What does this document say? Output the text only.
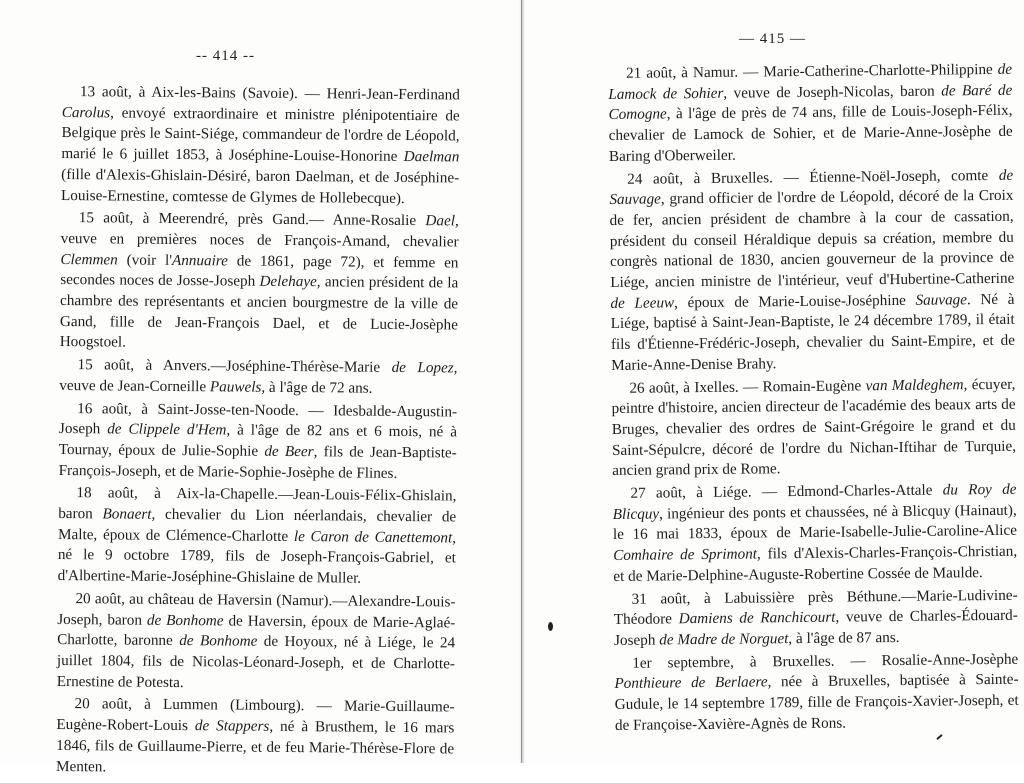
-- 414 --

13 août, à Aix-les-Bains (Savoie). — Henri-Jean-Ferdinand Carolus, envoyé extraordinaire et ministre plénipotentiaire de Belgique près le Saint-Siége, commandeur de l'ordre de Léopold, marié le 6 juillet 1853, à Joséphine-Louise-Honorine Daelman (fille d'Alexis-Ghislain-Désiré, baron Daelman, et de Joséphine-Louise-Ernestine, comtesse de Glymes de Hollebecque).

15 août, à Meerendré, près Gand.— Anne-Rosalie Dael, veuve en premières noces de François-Amand, chevalier Clemmen (voir l'Annuaire de 1861, page 72), et femme en secondes noces de Josse-Joseph Delehaye, ancien président de la chambre des représentants et ancien bourgmestre de la ville de Gand, fille de Jean-François Dael, et de Lucie-Josèphe Hoogstoel.

15 août, à Anvers.—Joséphine-Thérèse-Marie de Lopez, veuve de Jean-Corneille Pauwels, à l'âge de 72 ans.

16 août, à Saint-Josse-ten-Noode. — Idesbalde-Augustin-Joseph de Clippele d'Hem, à l'âge de 82 ans et 6 mois, né à Tournay, époux de Julie-Sophie de Beer, fils de Jean-Baptiste-François-Joseph, et de Marie-Sophie-Josèphe de Flines.

18 août, à Aix-la-Chapelle.—Jean-Louis-Félix-Ghislain, baron Bonaert, chevalier du Lion néerlandais, chevalier de Malte, époux de Clémence-Charlotte le Caron de Canettemont, né le 9 octobre 1789, fils de Joseph-François-Gabriel, et d'Albertine-Marie-Joséphine-Ghislaine de Muller.

20 août, au château de Haversin (Namur).—Alexandre-Louis-Joseph, baron de Bonhome de Haversin, époux de Marie-Aglaé-Charlotte, baronne de Bonhome de Hoyoux, né à Liége, le 24 juillet 1804, fils de Nicolas-Léonard-Joseph, et de Charlotte-Ernestine de Potesta.

20 août, à Lummen (Limbourg). — Marie-Guillaume-Eugène-Robert-Louis de Stappers, né à Brusthem, le 16 mars 1846, fils de Guillaume-Pierre, et de feu Marie-Thérèse-Flore de Menten.

— 415 —

21 août, à Namur. — Marie-Catherine-Charlotte-Philippine de Lamock de Sohier, veuve de Joseph-Nicolas, baron de Baré de Comogne, à l'âge de près de 74 ans, fille de Louis-Joseph-Félix, chevalier de Lamock de Sohier, et de Marie-Anne-Josèphe de Baring d'Oberweiler.

24 août, à Bruxelles. — Étienne-Noël-Joseph, comte de Sauvage, grand officier de l'ordre de Léopold, décoré de la Croix de fer, ancien président de chambre à la cour de cassation, président du conseil Héraldique depuis sa création, membre du congrès national de 1830, ancien gouverneur de la province de Liége, ancien ministre de l'intérieur, veuf d'Hubertine-Catherine de Leeuw, époux de Marie-Louise-Joséphine Sauvage. Né à Liége, baptisé à Saint-Jean-Baptiste, le 24 décembre 1789, il était fils d'Étienne-Frédéric-Joseph, chevalier du Saint-Empire, et de Marie-Anne-Denise Brahy.

26 août, à Ixelles. — Romain-Eugène van Maldeghem, écuyer, peintre d'histoire, ancien directeur de l'académie des beaux arts de Bruges, chevalier des ordres de Saint-Grégoire le grand et du Saint-Sépulcre, décoré de l'ordre du Nichan-Iftihar de Turquie, ancien grand prix de Rome.

27 août, à Liége. — Edmond-Charles-Attale du Roy de Blicquy, ingénieur des ponts et chaussées, né à Blicquy (Hainaut), le 16 mai 1833, époux de Marie-Isabelle-Julie-Caroline-Alice Comhaire de Sprimont, fils d'Alexis-Charles-François-Christian, et de Marie-Delphine-Auguste-Robertine Cossée de Maulde.

31 août, à Labuissière près Béthune.—Marie-Ludivine-Théodore Damiens de Ranchicourt, veuve de Charles-Édouard-Joseph de Madre de Norguet, à l'âge de 87 ans.

1er septembre, à Bruxelles. — Rosalie-Anne-Josèphe Ponthieure de Berlaere, née à Bruxelles, baptisée à Sainte-Gudule, le 14 septembre 1789, fille de François-Xavier-Joseph, et de Françoise-Xavière-Agnès de Rons.
